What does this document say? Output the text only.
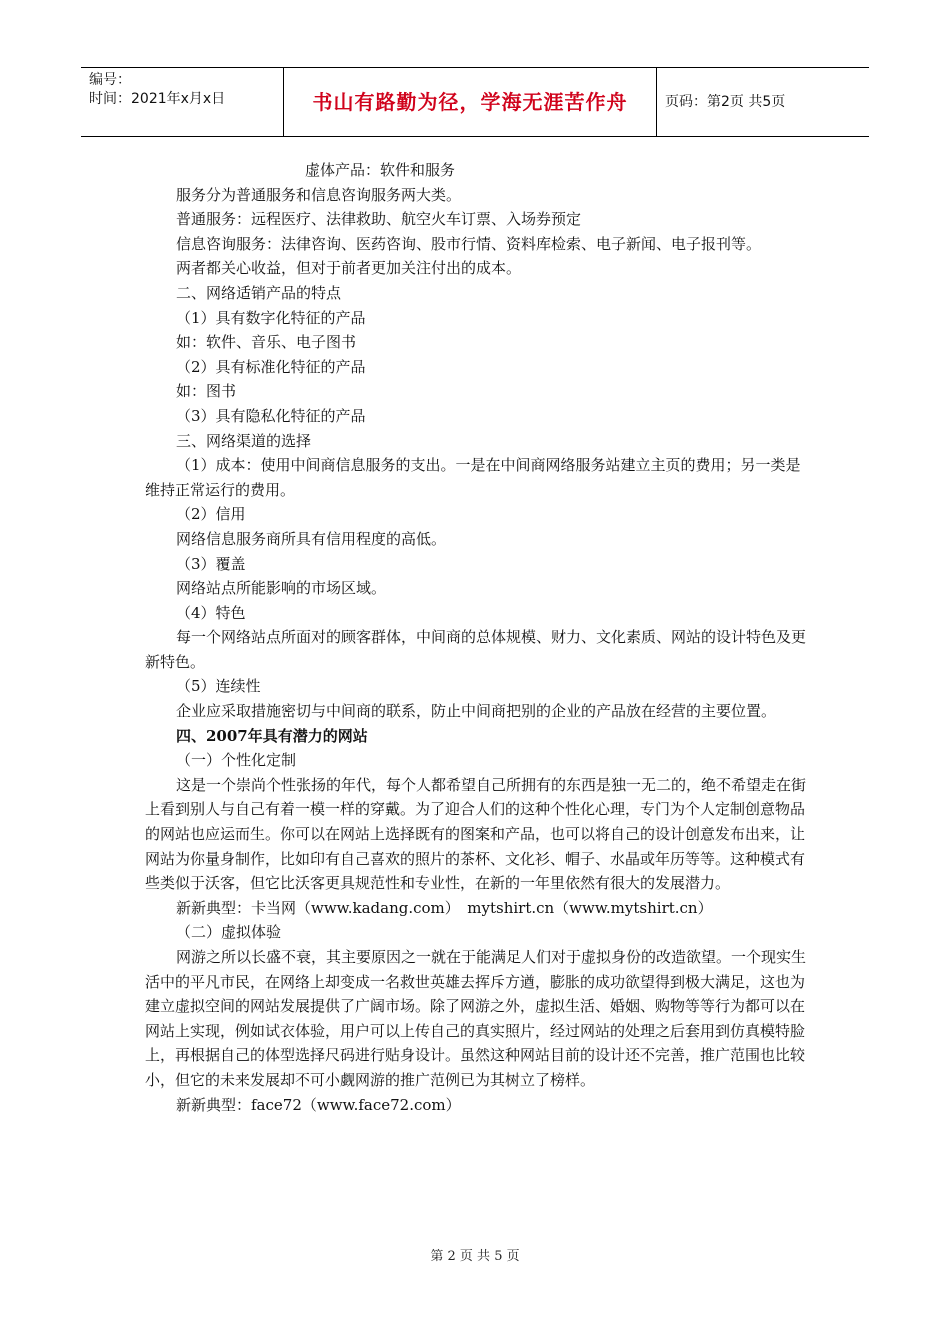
编号：
时间：2021年x月x日	书山有路勤为径，学海无涯苦作舟	页码：第2页 共5页

虚体产品：软件和服务

服务分为普通服务和信息咨询服务两大类。

普通服务：远程医疗、法律救助、航空火车订票、入场券预定

信息咨询服务：法律咨询、医药咨询、股市行情、资料库检索、电子新闻、电子报刊等。

两者都关心收益，但对于前者更加关注付出的成本。

二、网络适销产品的特点

（1）具有数字化特征的产品

如：软件、音乐、电子图书

（2）具有标准化特征的产品

如：图书

（3）具有隐私化特征的产品

三、网络渠道的选择

（1）成本：使用中间商信息服务的支出。一是在中间商网络服务站建立主页的费用；另一类是维持正常运行的费用。

（2）信用

网络信息服务商所具有信用程度的高低。

（3）覆盖

网络站点所能影响的市场区域。

（4）特色

每一个网络站点所面对的顾客群体，中间商的总体规模、财力、文化素质、网站的设计特色及更新特色。

（5）连续性

企业应采取措施密切与中间商的联系，防止中间商把别的企业的产品放在经营的主要位置。

四、2007年具有潜力的网站

（一）个性化定制

这是一个崇尚个性张扬的年代，每个人都希望自己所拥有的东西是独一无二的，绝不希望走在街上看到别人与自己有着一模一样的穿戴。为了迎合人们的这种个性化心理，专门为个人定制创意物品的网站也应运而生。你可以在网站上选择既有的图案和产品，也可以将自己的设计创意发布出来，让网站为你量身制作，比如印有自己喜欢的照片的茶杯、文化衫、帽子、水晶或年历等等。这种模式有些类似于沃客，但它比沃客更具规范性和专业性，在新的一年里依然有很大的发展潜力。

新新典型：卡当网（www.kadang.com）　mytshirt.cn（www.mytshirt.cn）

（二）虚拟体验

网游之所以长盛不衰，其主要原因之一就在于能满足人们对于虚拟身份的改造欲望。一个现实生活中的平凡市民，在网络上却变成一名救世英雄去挥斥方遒，膨胀的成功欲望得到极大满足，这也为建立虚拟空间的网站发展提供了广阔市场。除了网游之外，虚拟生活、婚姻、购物等等行为都可以在网站上实现，例如试衣体验，用户可以上传自己的真实照片，经过网站的处理之后套用到仿真模特脸上，再根据自己的体型选择尺码进行贴身设计。虽然这种网站目前的设计还不完善，推广范围也比较小，但它的未来发展却不可小觑网游的推广范例已为其树立了榜样。

新新典型：face72（www.face72.com）

第 2 页 共 5 页
